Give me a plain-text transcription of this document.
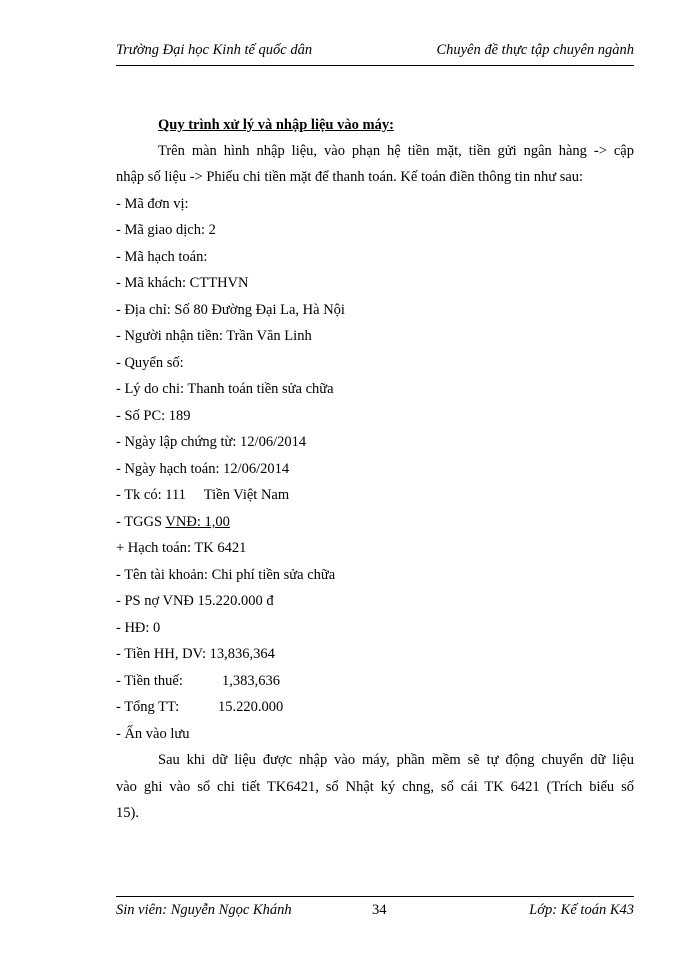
Trường Đại học Kinh tế quốc dân	Chuyên đề thực tập chuyên ngành
Quy trình xử lý và nhập liệu vào máy:
Trên màn hình nhập liệu, vào phạn hệ tiền mặt, tiền gửi ngân hàng -> cập
nhập số liệu -> Phiếu chi tiền mặt để thanh toán. Kế toán điền thông tin như sau:
- Mã đơn vị:
- Mã giao dịch: 2
- Mã hạch toán:
- Mã khách: CTTHVN
- Địa chỉ: Số 80 Đường Đại La, Hà Nội
- Người nhận tiền: Trần Văn Linh
- Quyển số:
- Lý do chi: Thanh toán tiền sửa chữa
- Số PC: 189
- Ngày lập chứng từ: 12/06/2014
- Ngày hạch toán: 12/06/2014
- Tk có: 111     Tiền Việt Nam
- TGGS VNĐ: 1,00
+ Hạch toán: TK 6421
- Tên tài khoản: Chi phí tiền sửa chữa
- PS nợ VNĐ 15.220.000 đ
- HĐ: 0
- Tiền HH, DV: 13,836,364
- Tiền thuế:	1,383,636
- Tổng TT:	15.220.000
- Ấn vào lưu
Sau khi dữ liệu được nhập vào máy, phần mềm sẽ tự động chuyển dữ liệu
vào ghi vào sổ chi tiết TK6421, sổ Nhật ký chng, sổ cái TK 6421 (Trích biểu số
15).
Sin viên: Nguyễn Ngọc Khánh	34	Lớp: Kế toán K43
